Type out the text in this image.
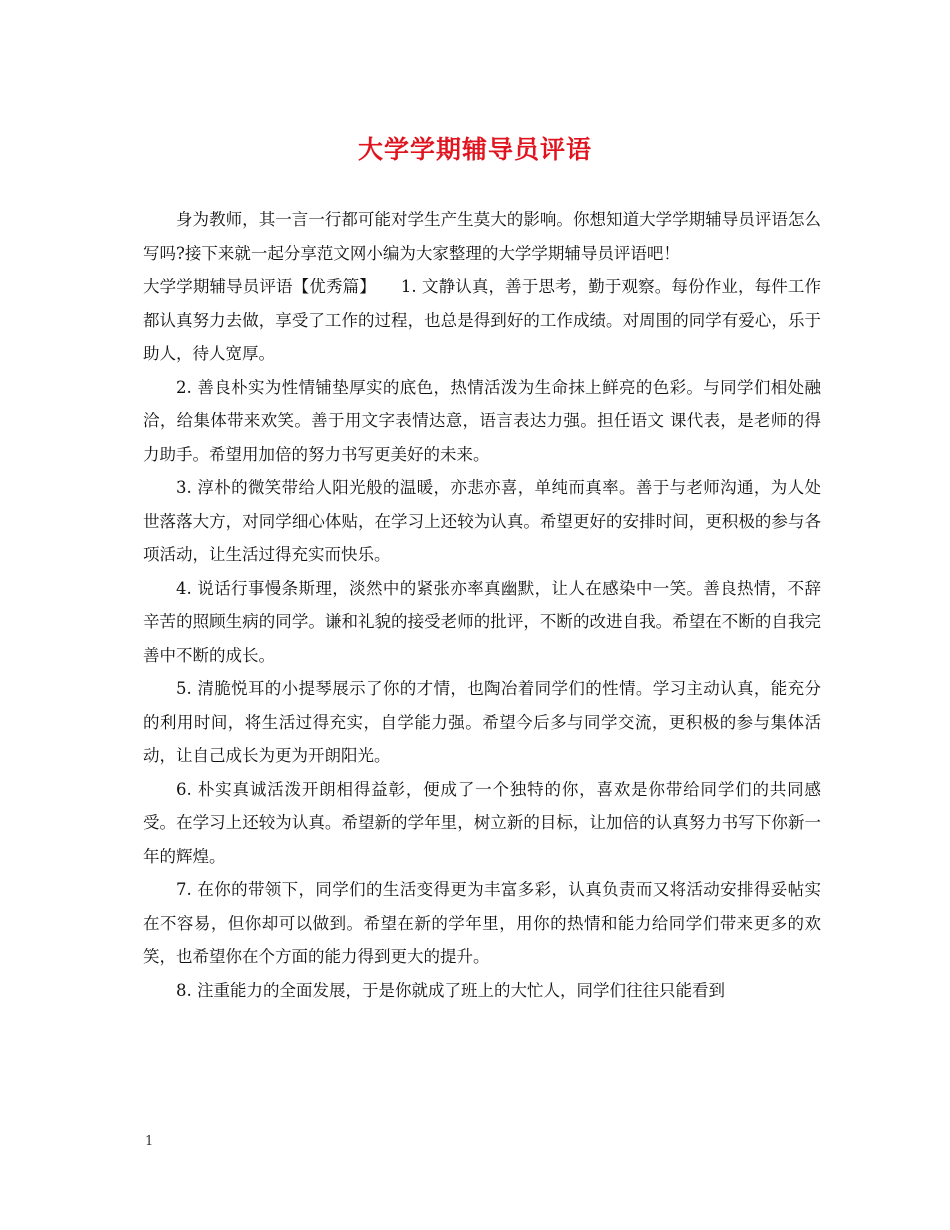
大学学期辅导员评语

身为教师，其一言一行都可能对学生产生莫大的影响。你想知道大学学期辅导员评语怎么写吗?接下来就一起分享范文网小编为大家整理的大学学期辅导员评语吧！

大学学期辅导员评语【优秀篇】　　1. 文静认真，善于思考，勤于观察。每份作业，每件工作都认真努力去做，享受了工作的过程，也总是得到好的工作成绩。对周围的同学有爱心，乐于助人，待人宽厚。

2. 善良朴实为性情铺垫厚实的底色，热情活泼为生命抹上鲜亮的色彩。与同学们相处融洽，给集体带来欢笑。善于用文字表情达意，语言表达力强。担任语文 课代表，是老师的得力助手。希望用加倍的努力书写更美好的未来。

3. 淳朴的微笑带给人阳光般的温暖，亦悲亦喜，单纯而真率。善于与老师沟通，为人处世落落大方，对同学细心体贴，在学习上还较为认真。希望更好的安排时间，更积极的参与各项活动，让生活过得充实而快乐。

4. 说话行事慢条斯理，淡然中的紧张亦率真幽默，让人在感染中一笑。善良热情，不辞辛苦的照顾生病的同学。谦和礼貌的接受老师的批评，不断的改进自我。希望在不断的自我完善中不断的成长。

5. 清脆悦耳的小提琴展示了你的才情，也陶冶着同学们的性情。学习主动认真，能充分的利用时间，将生活过得充实，自学能力强。希望今后多与同学交流，更积极的参与集体活动，让自己成长为更为开朗阳光。

6. 朴实真诚活泼开朗相得益彰，便成了一个独特的你，喜欢是你带给同学们的共同感受。在学习上还较为认真。希望新的学年里，树立新的目标，让加倍的认真努力书写下你新一年的辉煌。

7. 在你的带领下，同学们的生活变得更为丰富多彩，认真负责而又将活动安排得妥帖实在不容易，但你却可以做到。希望在新的学年里，用你的热情和能力给同学们带来更多的欢笑，也希望你在个方面的能力得到更大的提升。

8. 注重能力的全面发展，于是你就成了班上的大忙人，同学们往往只能看到

1
